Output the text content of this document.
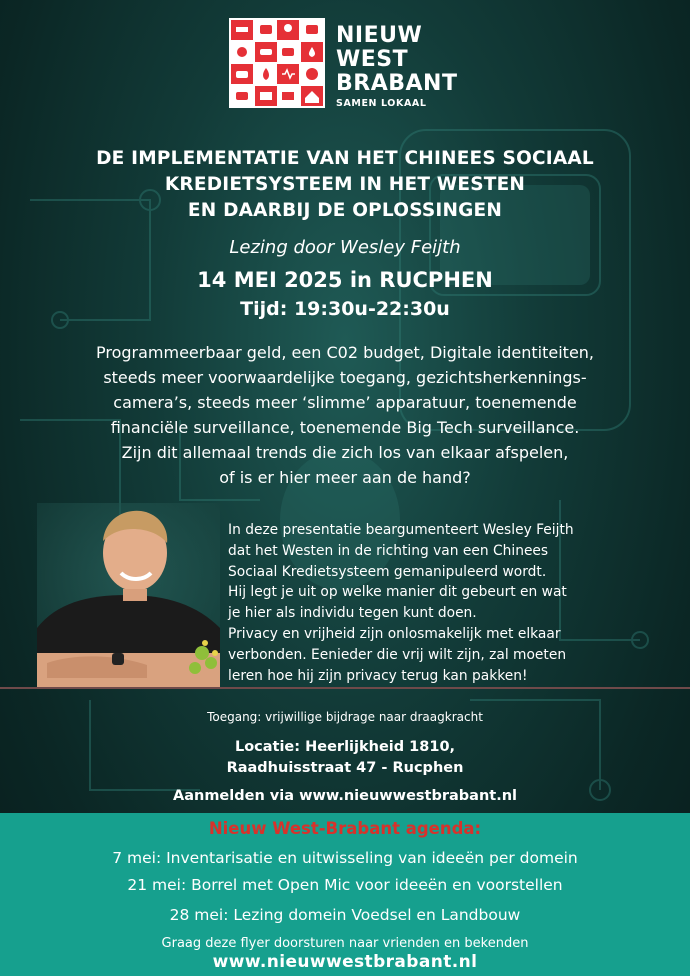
NIEUW
WEST
BRABANT
SAMEN LOKAAL
DE IMPLEMENTATIE VAN HET CHINEES SOCIAAL
KREDIETSYSTEEM IN HET WESTEN
EN DAARBIJ DE OPLOSSINGEN
Lezing door Wesley Feijth
14 MEI 2025 in RUCPHEN
Tijd: 19:30u-22:30u
Programmeerbaar geld, een C02 budget, Digitale identiteiten,
steeds meer voorwaardelijke toegang, gezichtsherkennings-
camera’s, steeds meer ‘slimme’ apparatuur, toenemende
financiële surveillance, toenemende Big Tech surveillance.
Zijn dit allemaal trends die zich los van elkaar afspelen,
of is er hier meer aan de hand?
In deze presentatie beargumenteert Wesley Feijth
dat het Westen in de richting van een Chinees
Sociaal Kredietsysteem gemanipuleerd wordt.
Hij legt je uit op welke manier dit gebeurt en wat
je hier als individu tegen kunt doen.
Privacy en vrijheid zijn onlosmakelijk met elkaar
verbonden. Eenieder die vrij wilt zijn, zal moeten
leren hoe hij zijn privacy terug kan pakken!
Toegang: vrijwillige bijdrage naar draagkracht
Locatie: Heerlijkheid 1810,
Raadhuisstraat 47 - Rucphen
Aanmelden via www.nieuwwestbrabant.nl
Nieuw West-Brabant agenda:
7 mei: Inventarisatie en uitwisseling van ideeën per domein
21 mei: Borrel met Open Mic voor ideeën en voorstellen
28 mei: Lezing domein Voedsel en Landbouw
Graag deze flyer doorsturen naar vrienden en bekenden
www.nieuwwestbrabant.nl
